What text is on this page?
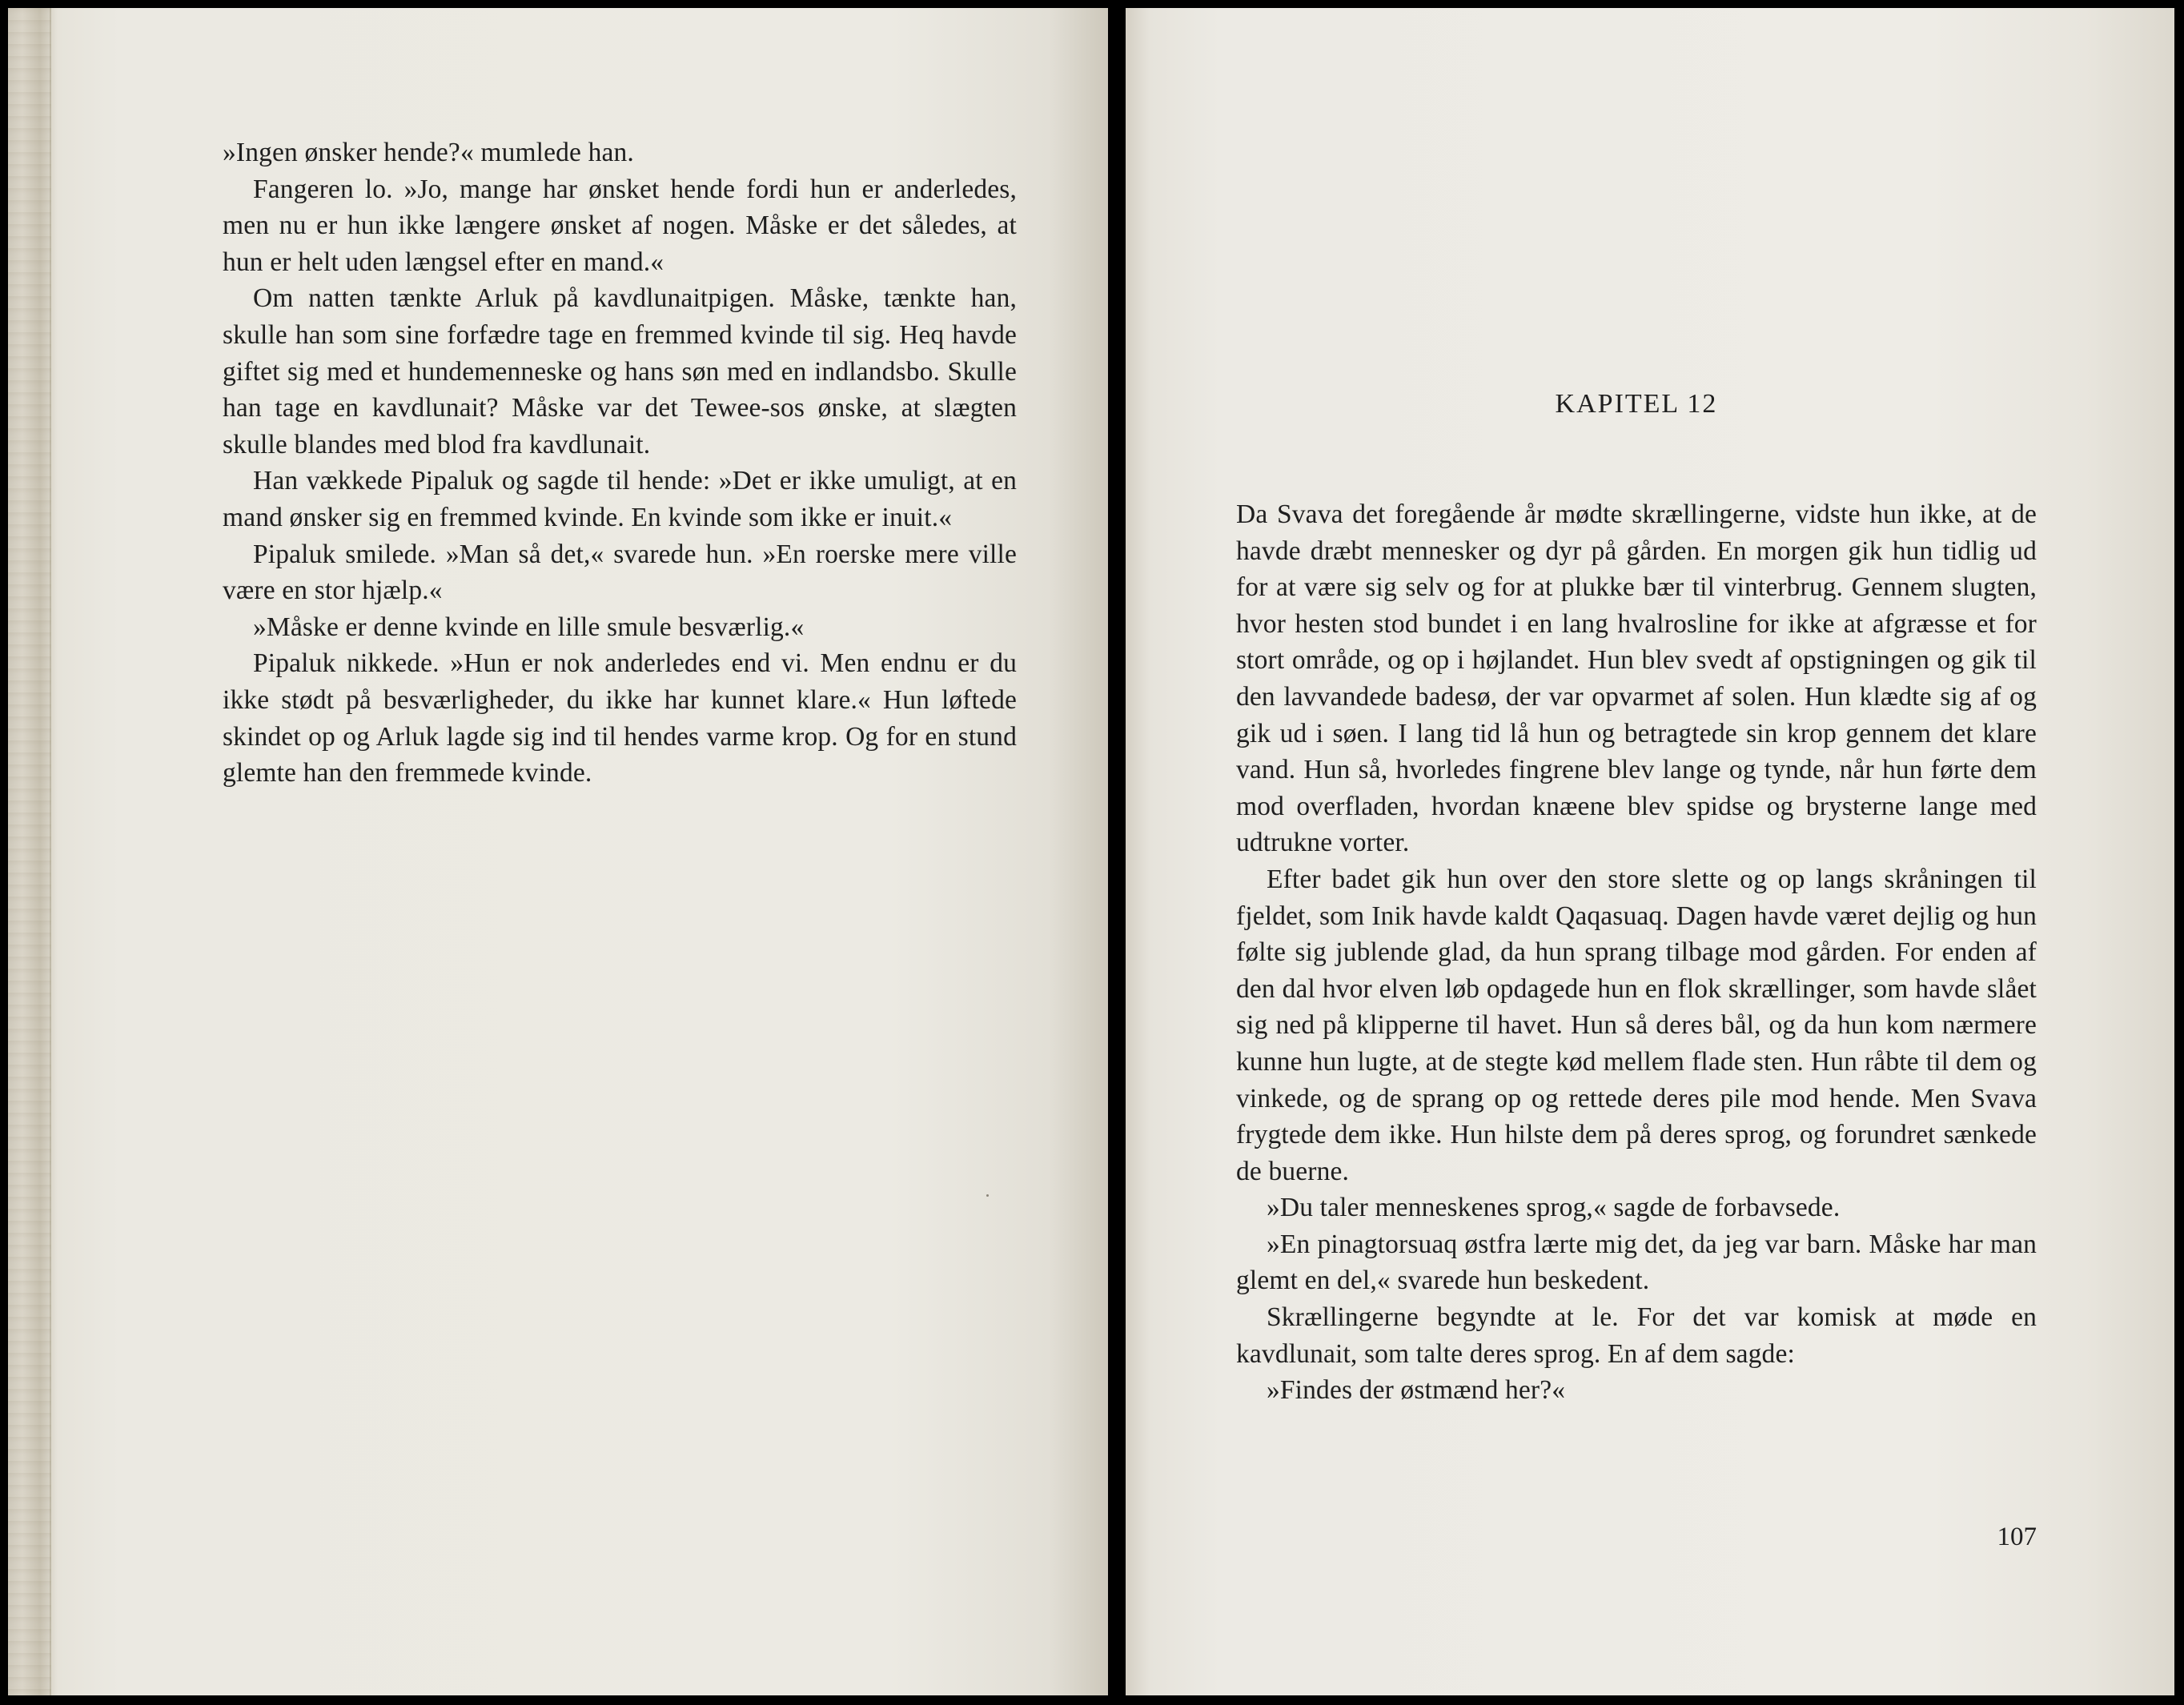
»Ingen ønsker hende?« mumlede han.

Fangeren lo. »Jo, mange har ønsket hende fordi hun er anderledes, men nu er hun ikke længere ønsket af nogen. Måske er det således, at hun er helt uden længsel efter en mand.«

Om natten tænkte Arluk på kavdlunaitpigen. Måske, tænkte han, skulle han som sine forfædre tage en fremmed kvinde til sig. Heq havde giftet sig med et hundemenneske og hans søn med en indlandsbo. Skulle han tage en kavdlunait? Måske var det Tewee-sos ønske, at slægten skulle blandes med blod fra kavdlunait.

Han vækkede Pipaluk og sagde til hende: »Det er ikke umuligt, at en mand ønsker sig en fremmed kvinde. En kvinde som ikke er inuit.«

Pipaluk smilede. »Man så det,« svarede hun. »En roerske mere ville være en stor hjælp.«

»Måske er denne kvinde en lille smule besværlig.«

Pipaluk nikkede. »Hun er nok anderledes end vi. Men endnu er du ikke stødt på besværligheder, du ikke har kunnet klare.« Hun løftede skindet op og Arluk lagde sig ind til hendes varme krop. Og for en stund glemte han den fremmede kvinde.

KAPITEL 12

Da Svava det foregående år mødte skrællingerne, vidste hun ikke, at de havde dræbt mennesker og dyr på gården. En morgen gik hun tidlig ud for at være sig selv og for at plukke bær til vinterbrug. Gennem slugten, hvor hesten stod bundet i en lang hvalrosline for ikke at afgræsse et for stort område, og op i højlandet. Hun blev svedt af opstigningen og gik til den lavvandede badesø, der var opvarmet af solen. Hun klædte sig af og gik ud i søen. I lang tid lå hun og betragtede sin krop gennem det klare vand. Hun så, hvorledes fingrene blev lange og tynde, når hun førte dem mod overfladen, hvordan knæene blev spidse og brysterne lange med udtrukne vorter.

Efter badet gik hun over den store slette og op langs skråningen til fjeldet, som Inik havde kaldt Qaqasuaq. Dagen havde været dejlig og hun følte sig jublende glad, da hun sprang tilbage mod gården. For enden af den dal hvor elven løb opdagede hun en flok skrællinger, som havde slået sig ned på klipperne til havet. Hun så deres bål, og da hun kom nærmere kunne hun lugte, at de stegte kød mellem flade sten. Hun råbte til dem og vinkede, og de sprang op og rettede deres pile mod hende. Men Svava frygtede dem ikke. Hun hilste dem på deres sprog, og forundret sænkede de buerne.

»Du taler menneskenes sprog,« sagde de forbavsede.

»En pinagtorsuaq østfra lærte mig det, da jeg var barn. Måske har man glemt en del,« svarede hun beskedent.

Skrællingerne begyndte at le. For det var komisk at møde en kavdlunait, som talte deres sprog. En af dem sagde:

»Findes der østmænd her?«

107
